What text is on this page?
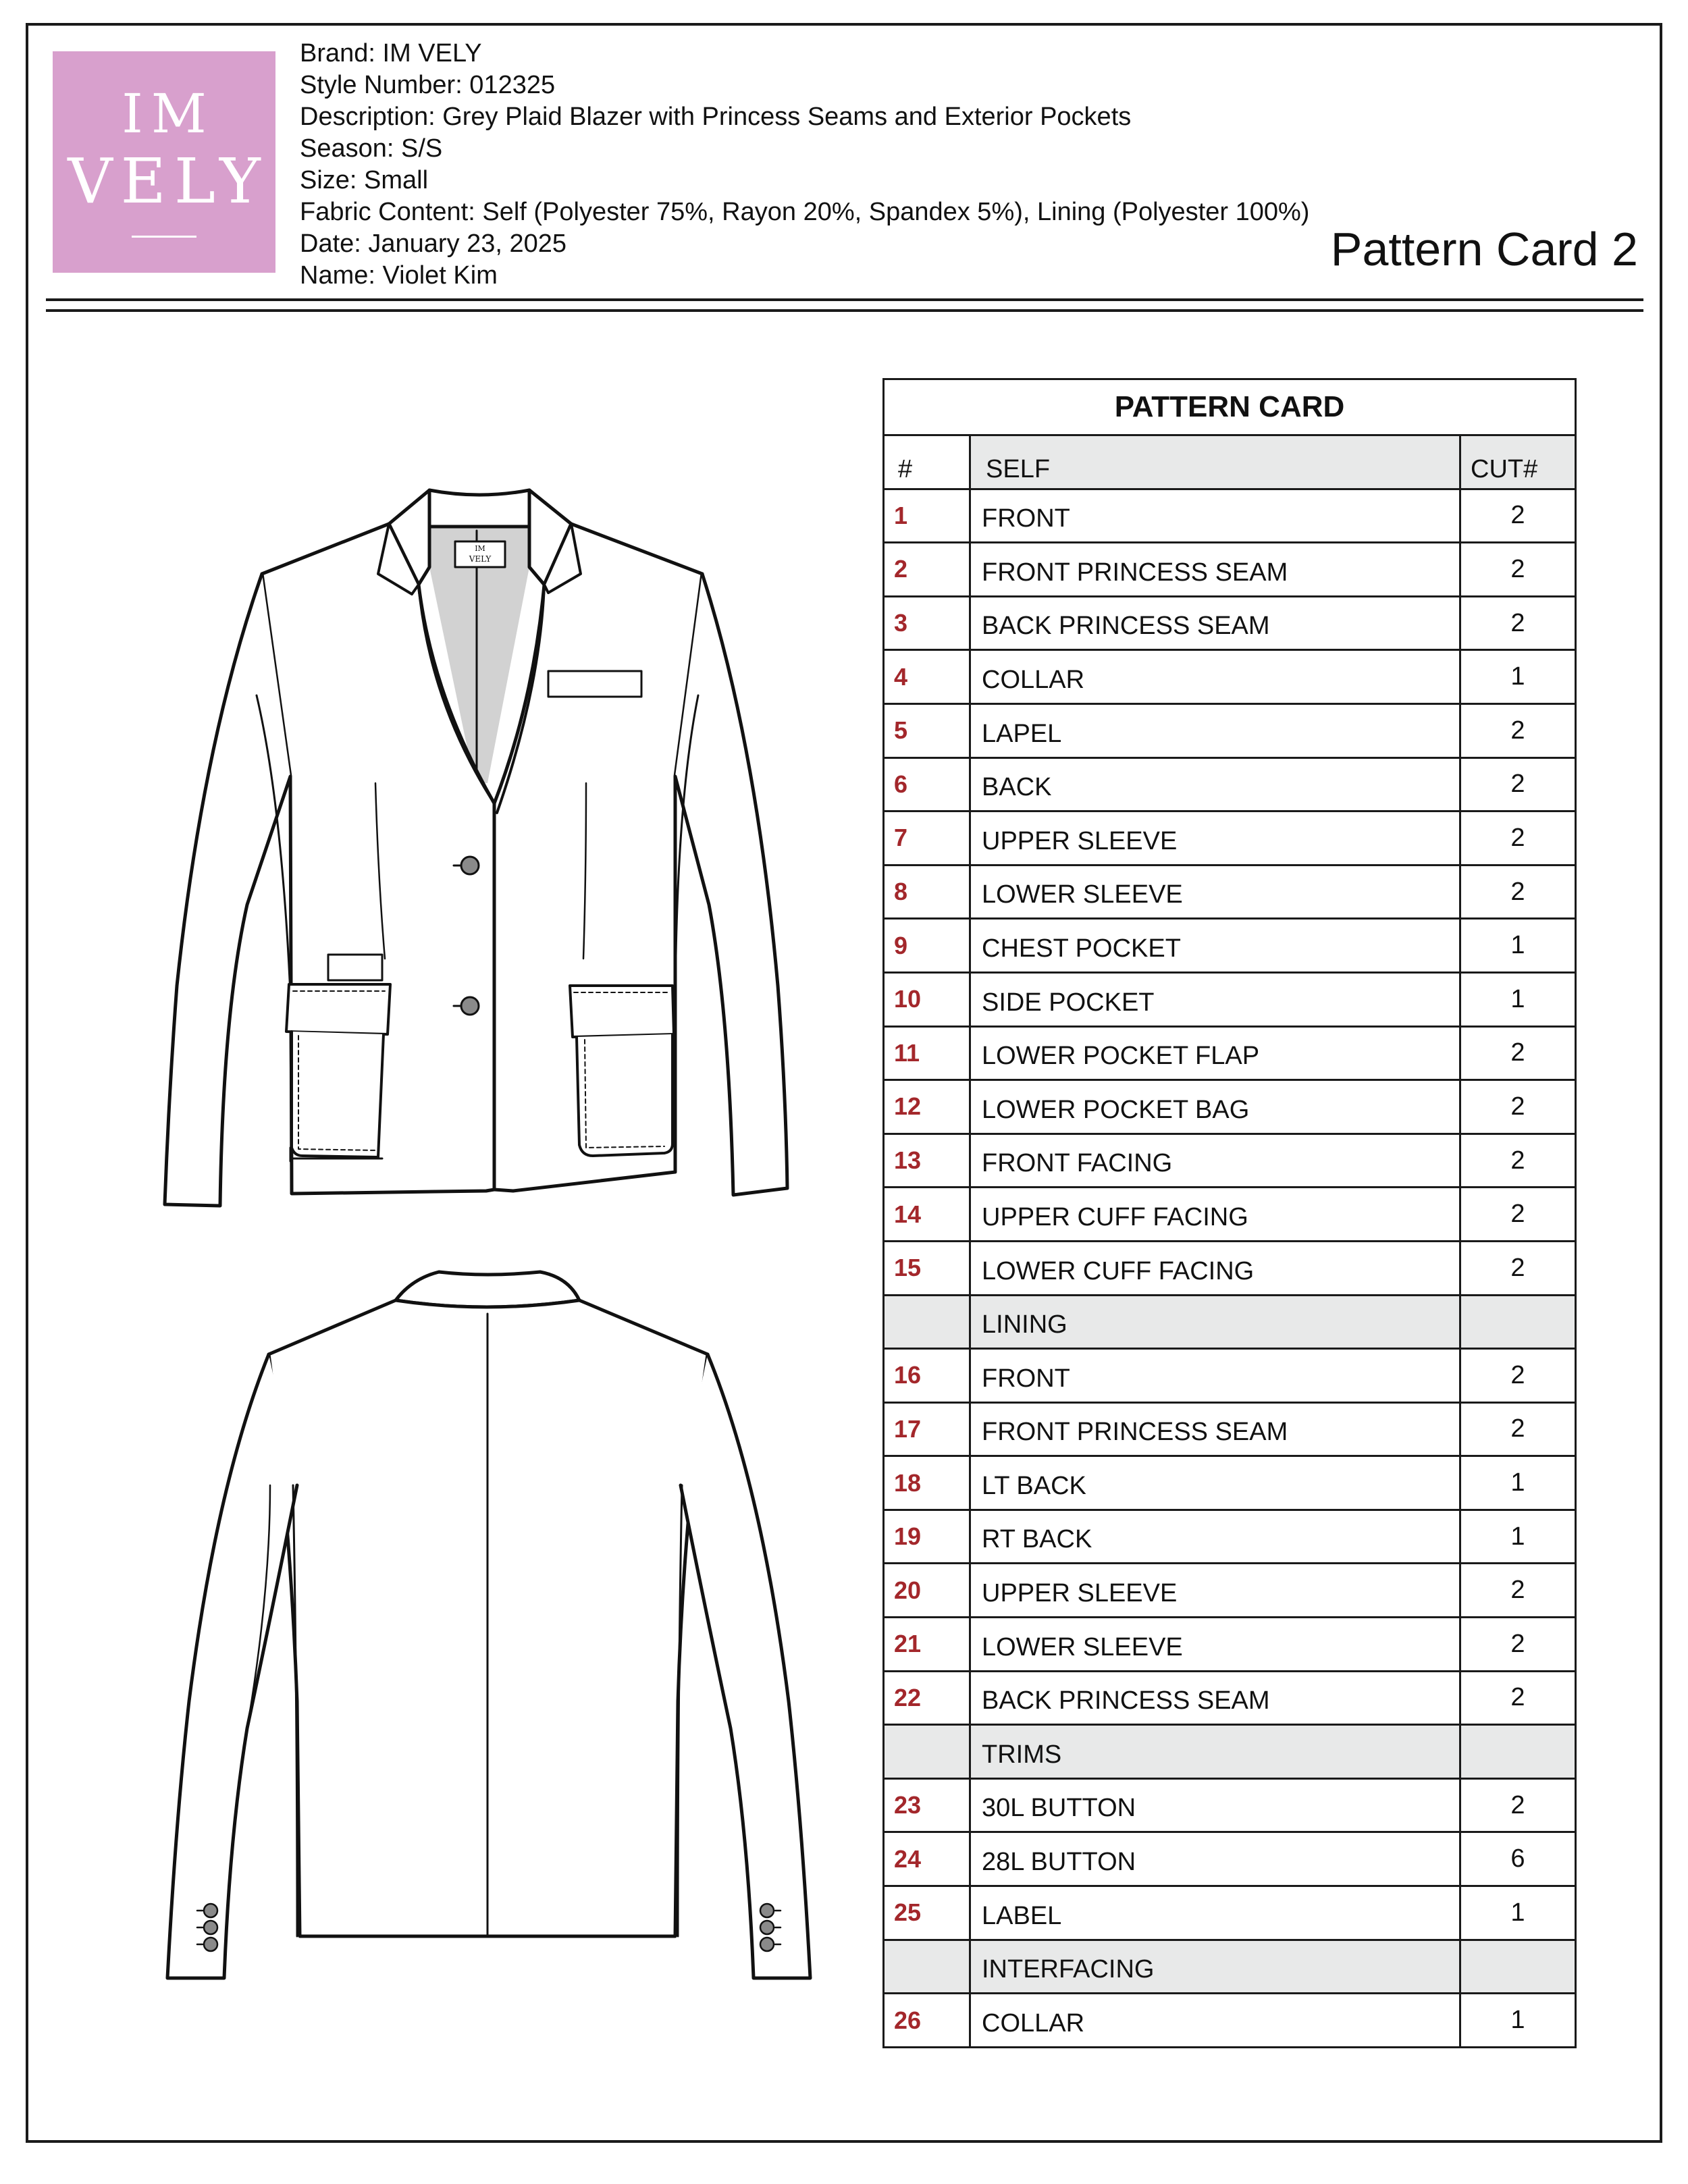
IM
VELY
Brand: IM VELY
Style Number: 012325
Description: Grey Plaid Blazer with Princess Seams and Exterior Pockets
Season: S/S
Size: Small
Fabric Content: Self (Polyester 75%, Rayon 20%, Spandex 5%), Lining (Polyester 100%)
Date: January 23, 2025
Name: Violet Kim	Pattern Card 2
IM
VELY
PATTERN CARD
#	SELF	CUT#
1	FRONT	2
2	FRONT PRINCESS SEAM	2
3	BACK PRINCESS SEAM	2
4	COLLAR	1
5	LAPEL	2
6	BACK	2
7	UPPER SLEEVE	2
8	LOWER SLEEVE	2
9	CHEST POCKET	1
10	SIDE POCKET	1
11	LOWER POCKET FLAP	2
12	LOWER POCKET BAG	2
13	FRONT FACING	2
14	UPPER CUFF FACING	2
15	LOWER CUFF FACING	2
LINING
16	FRONT	2
17	FRONT PRINCESS SEAM	2
18	LT BACK	1
19	RT BACK	1
20	UPPER SLEEVE	2
21	LOWER SLEEVE	2
22	BACK PRINCESS SEAM	2
TRIMS
23	30L BUTTON	2
24	28L BUTTON	6
25	LABEL	1
INTERFACING
26	COLLAR	1
